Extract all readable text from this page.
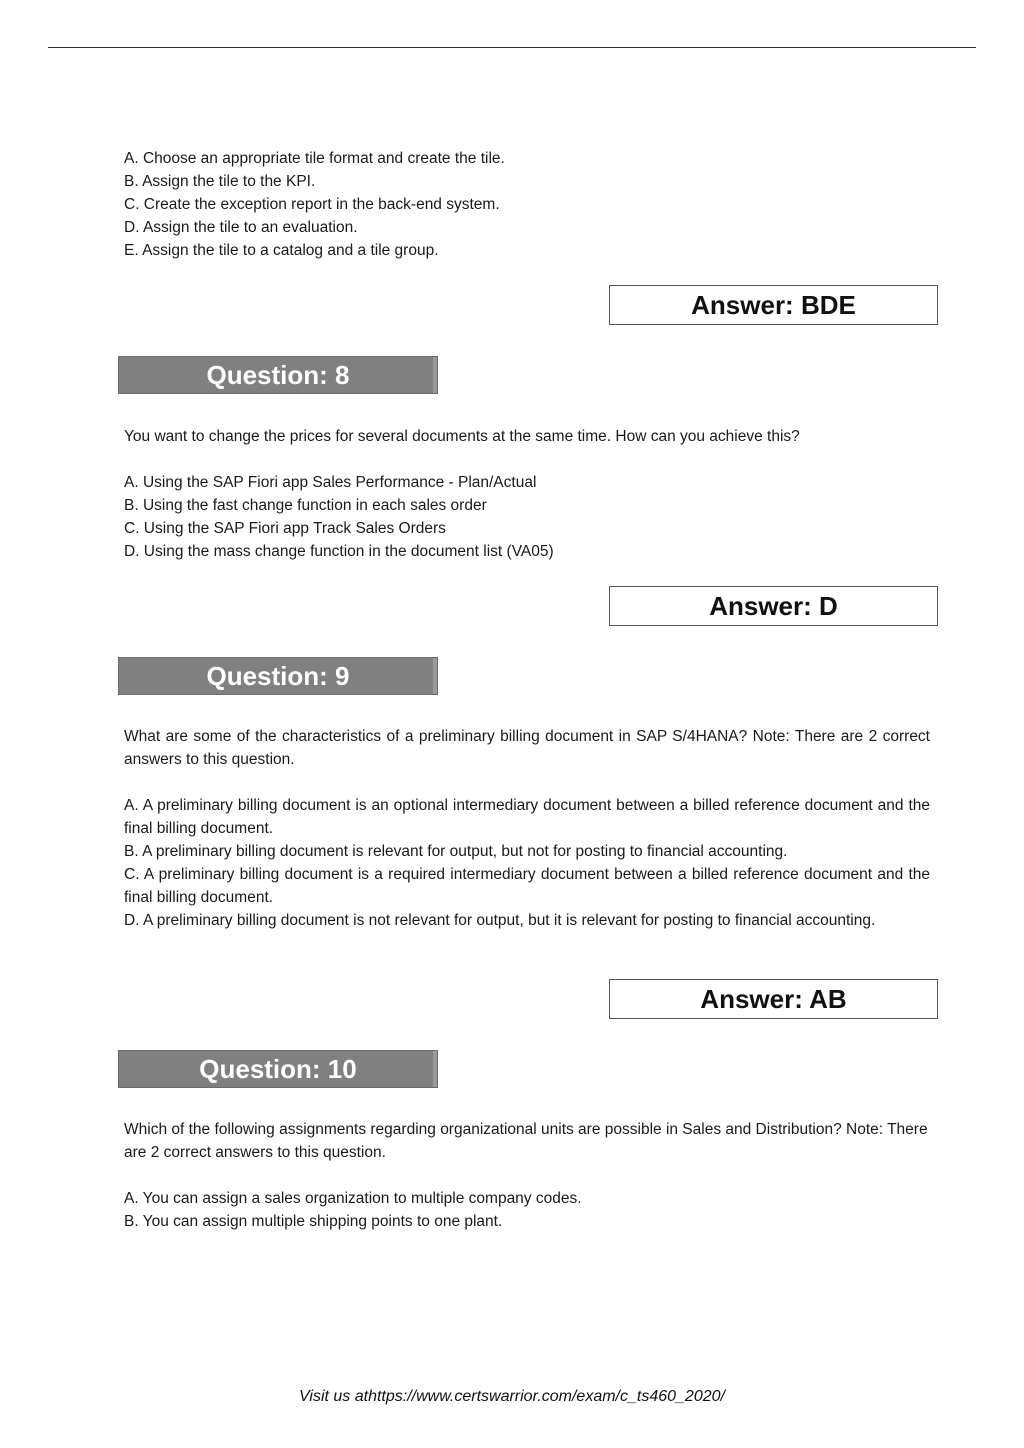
A. Choose an appropriate tile format and create the tile.

B. Assign the tile to the KPI.

C. Create the exception report in the back-end system.

D. Assign the tile to an evaluation.

E. Assign the tile to a catalog and a tile group.

Answer: BDE
Question: 8

You want to change the prices for several documents at the same time. How can you achieve this?

A. Using the SAP Fiori app Sales Performance - Plan/Actual

B. Using the fast change function in each sales order

C. Using the SAP Fiori app Track Sales Orders

D. Using the mass change function in the document list (VA05)

Answer: D
Question: 9

What are some of the characteristics of a preliminary billing document in SAP S/4HANA? Note: There are 2 correct answers to this question.

A. A preliminary billing document is an optional intermediary document between a billed reference document and the final billing document.

B. A preliminary billing document is relevant for output, but not for posting to financial accounting.

C. A preliminary billing document is a required intermediary document between a billed reference document and the final billing document.

D. A preliminary billing document is not relevant for output, but it is relevant for posting to financial accounting.

Answer: AB
Question: 10

Which of the following assignments regarding organizational units are possible in Sales and Distribution? Note: There are 2 correct answers to this question.

A. You can assign a sales organization to multiple company codes.

B. You can assign multiple shipping points to one plant.

Visit us athttps://www.certswarrior.com/exam/c_ts460_2020/
